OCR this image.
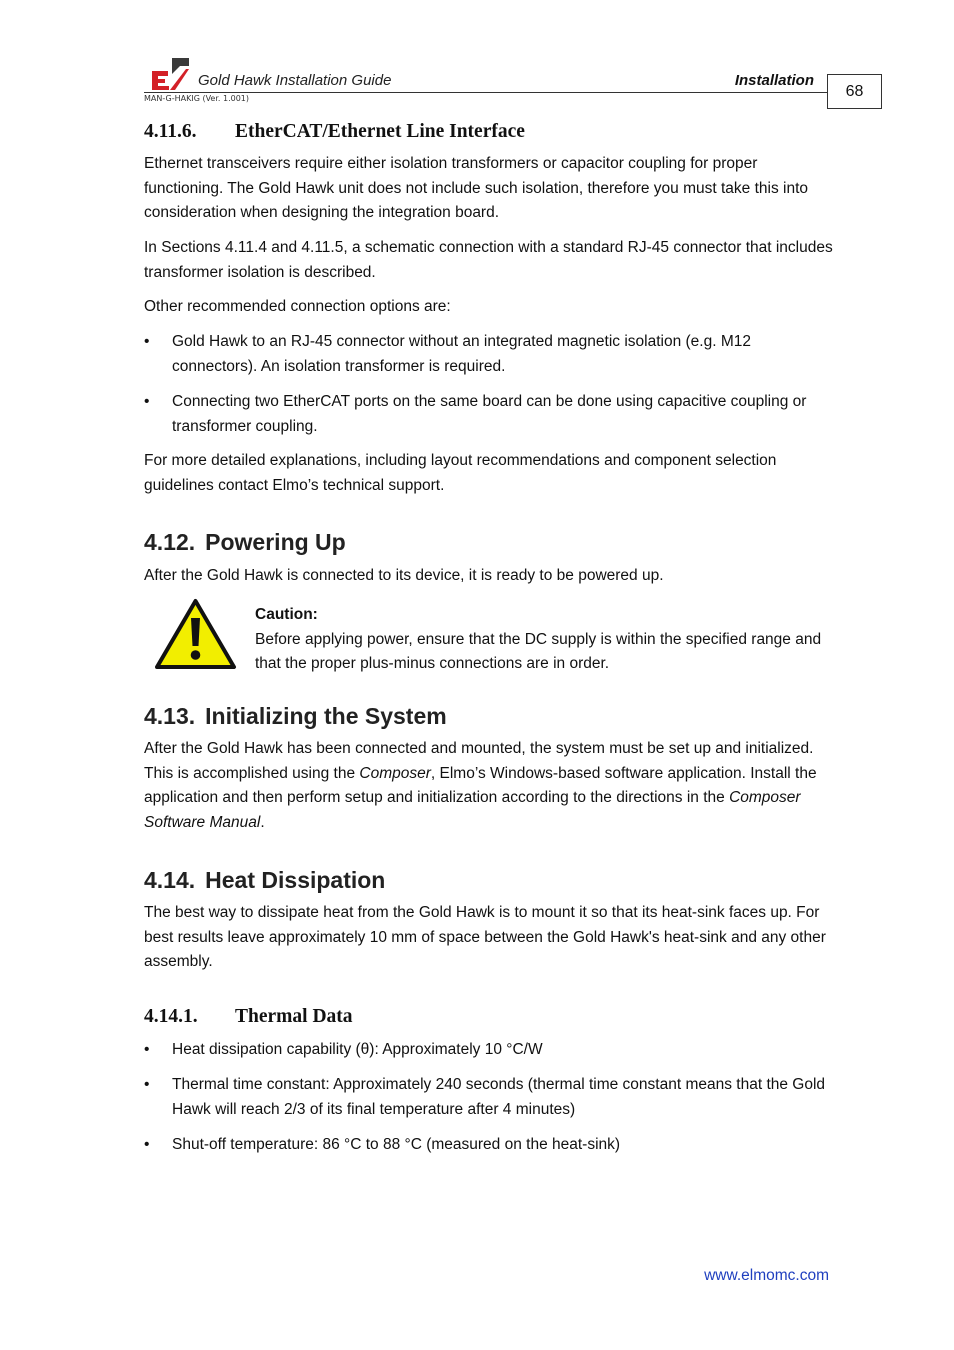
Gold Hawk Installation Guide	Installation
68
MAN-G-HAKIG (Ver. 1.001)
4.11.6. EtherCAT/Ethernet Line Interface

Ethernet transceivers require either isolation transformers or capacitor coupling for proper functioning. The Gold Hawk unit does not include such isolation, therefore you must take this into consideration when designing the integration board.

In Sections 4.11.4 and 4.11.5, a schematic connection with a standard RJ-45 connector that includes transformer isolation is described.

Other recommended connection options are:

• Gold Hawk to an RJ-45 connector without an integrated magnetic isolation (e.g. M12 connectors). An isolation transformer is required.
• Connecting two EtherCAT ports on the same board can be done using capacitive coupling or transformer coupling.

For more detailed explanations, including layout recommendations and component selection guidelines contact Elmo’s technical support.

4.12. Powering Up

After the Gold Hawk is connected to its device, it is ready to be powered up.

Caution:
Before applying power, ensure that the DC supply is within the specified range and that the proper plus-minus connections are in order.
4.13. Initializing the System

After the Gold Hawk has been connected and mounted, the system must be set up and initialized. This is accomplished using the Composer, Elmo’s Windows-based software application. Install the application and then perform setup and initialization according to the directions in the Composer Software Manual.

4.14. Heat Dissipation

The best way to dissipate heat from the Gold Hawk is to mount it so that its heat-sink faces up. For best results leave approximately 10 mm of space between the Gold Hawk's heat-sink and any other assembly.

4.14.1. Thermal Data
• Heat dissipation capability (θ): Approximately 10 °C/W
• Thermal time constant: Approximately 240 seconds (thermal time constant means that the Gold Hawk will reach 2/3 of its final temperature after 4 minutes)
• Shut-off temperature: 86 °C to 88 °C (measured on the heat-sink)
www.elmomc.com
